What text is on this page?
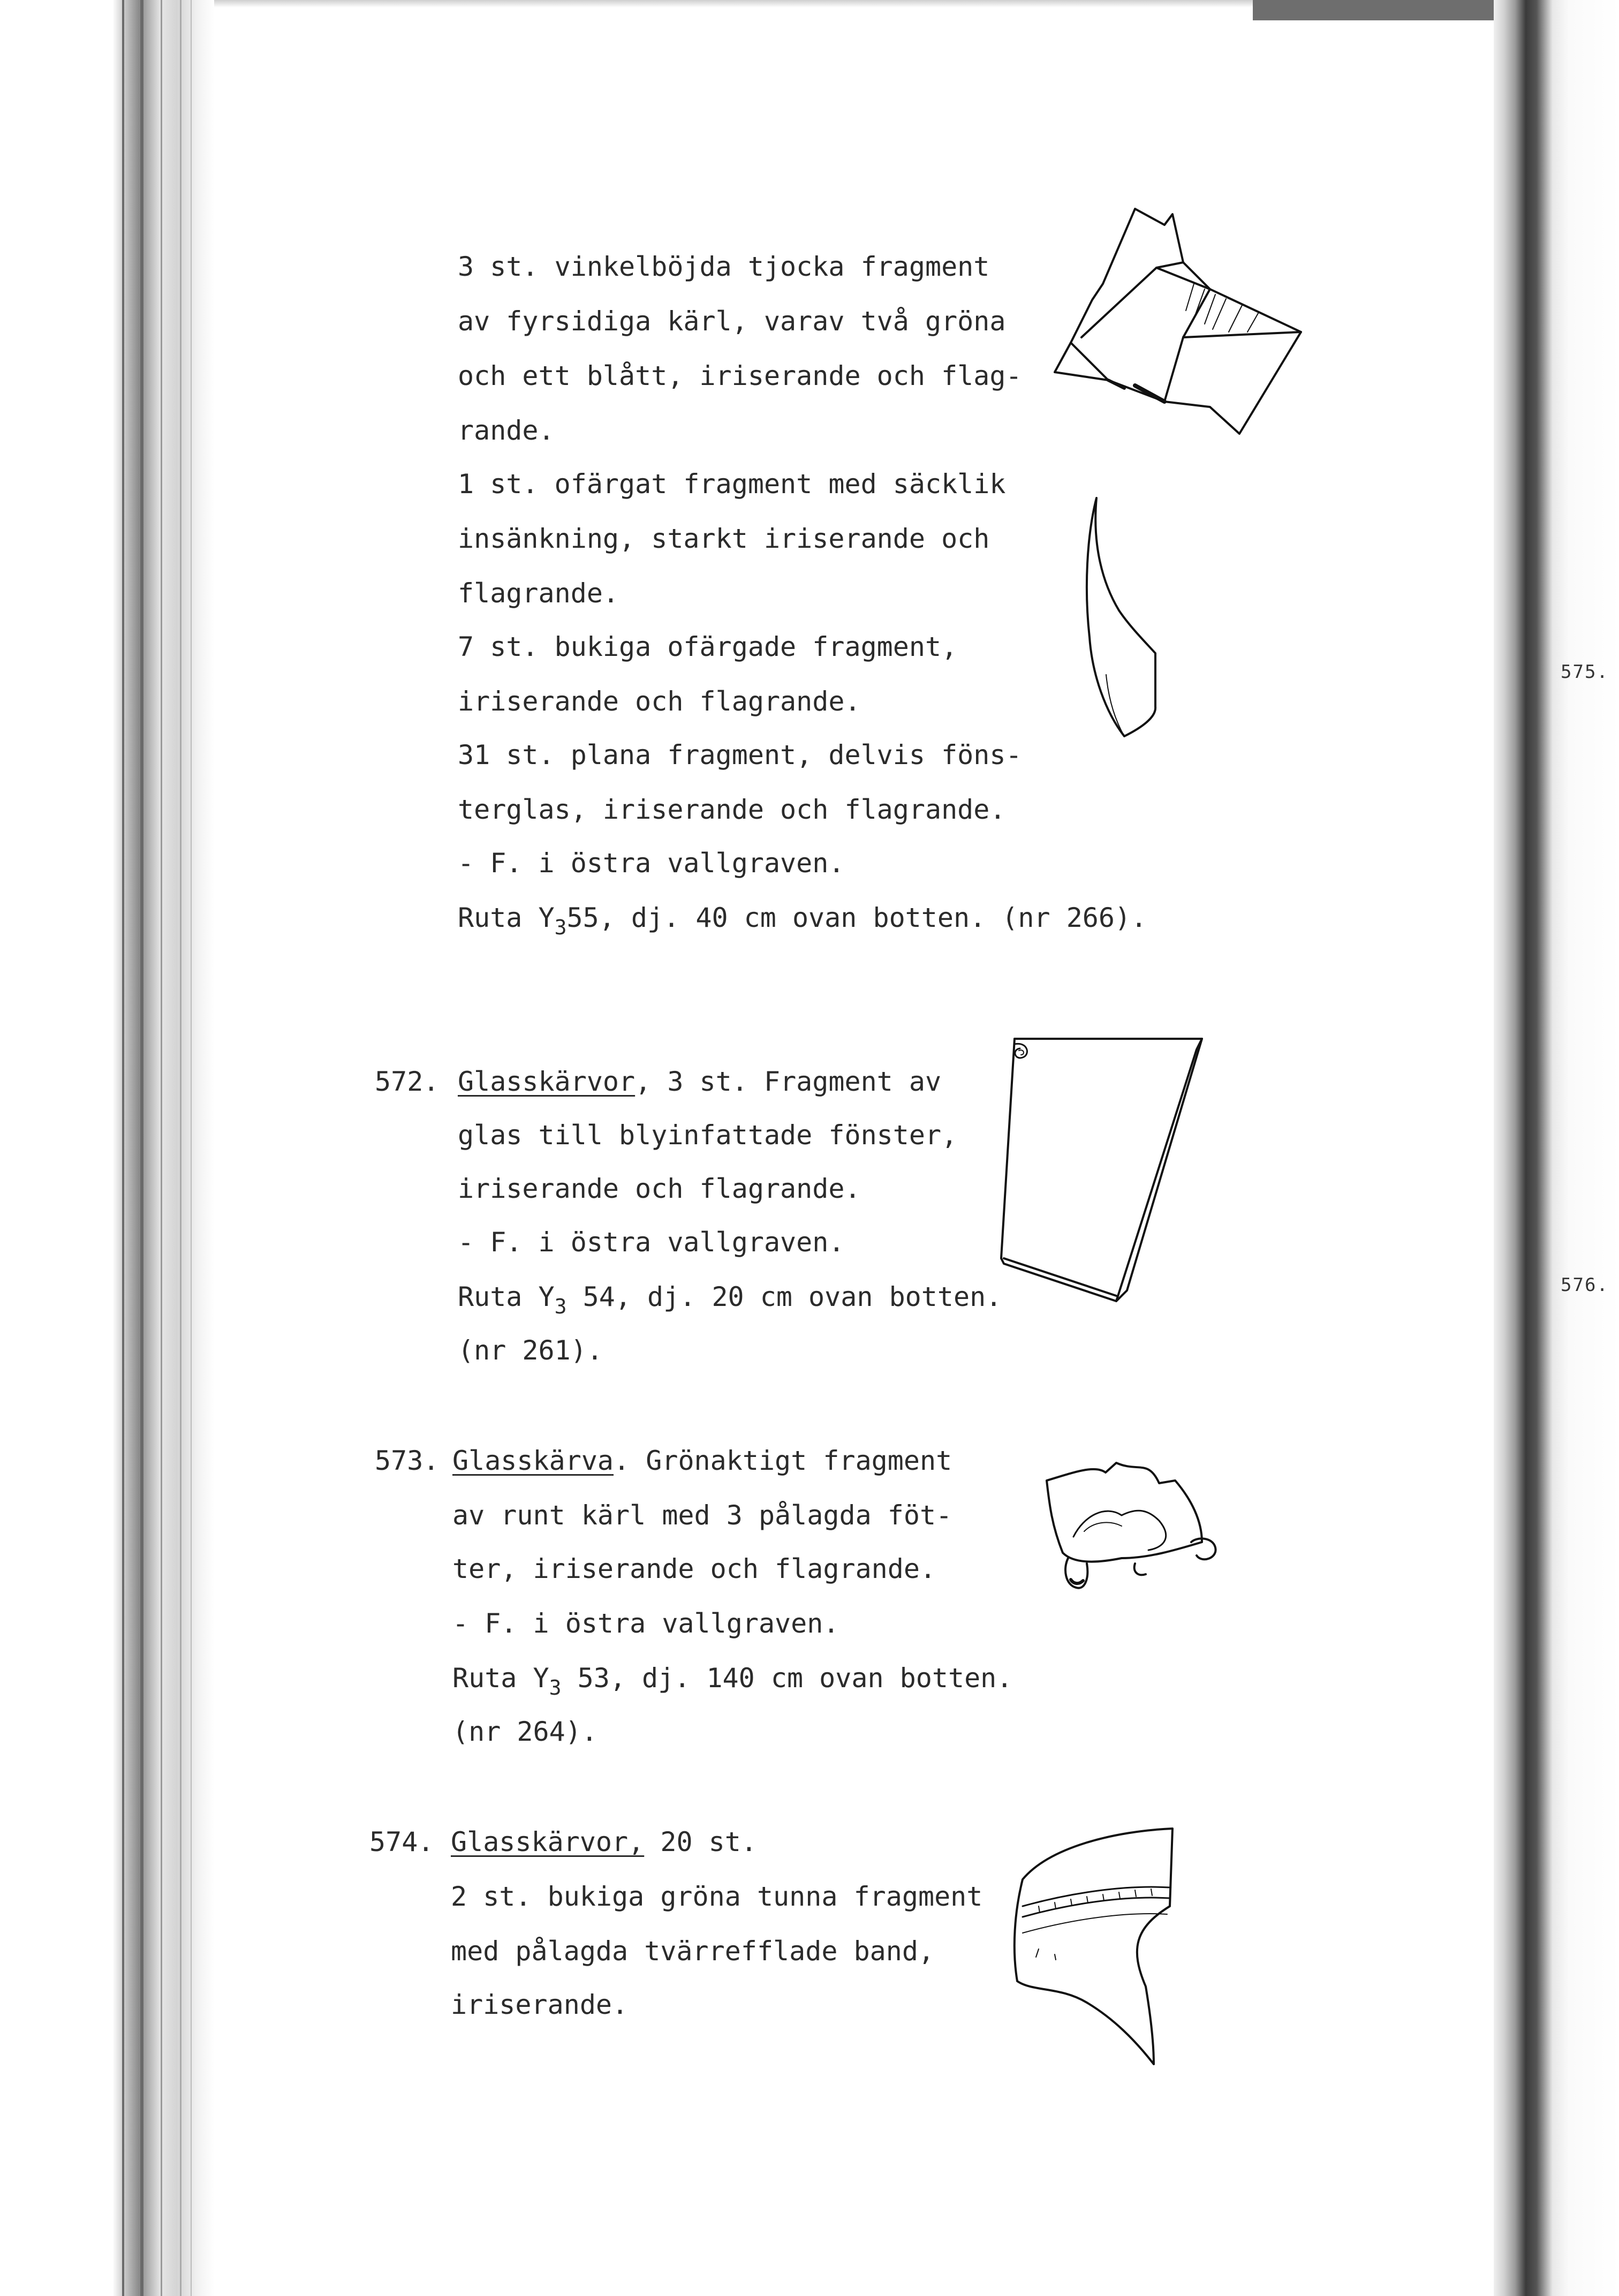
575.
576.
3 st. vinkelböjda tjocka fragment
av fyrsidiga kärl, varav två gröna
och ett blått, iriserande och flag-
rande.
1 st. ofärgat fragment med säcklik
insänkning, starkt iriserande och
flagrande.
7 st. bukiga ofärgade fragment,
iriserande och flagrande.
31 st. plana fragment, delvis föns-
terglas, iriserande och flagrande.
- F. i östra vallgraven.
Ruta $Y_355$, dj. 40 cm ovan botten. (nr 266).
572. Glasskärvor, 3 st. Fragment av
glas till blyinfattade fönster,
iriserande och flagrande.
- F. i östra vallgraven.
Ruta $Y_3$ 54, dj. 20 cm ovan botten.
(nr 261).
573. Glasskärva. Grönaktigt fragment
av runt kärl med 3 pålagda föt-
ter, iriserande och flagrande.
- F. i östra vallgraven.
Ruta $Y_3$ 53, dj. 140 cm ovan botten.
(nr 264).
574. Glasskärvor, 20 st.
2 st. bukiga gröna tunna fragment
med pålagda tvärrefflade band,
iriserande.
